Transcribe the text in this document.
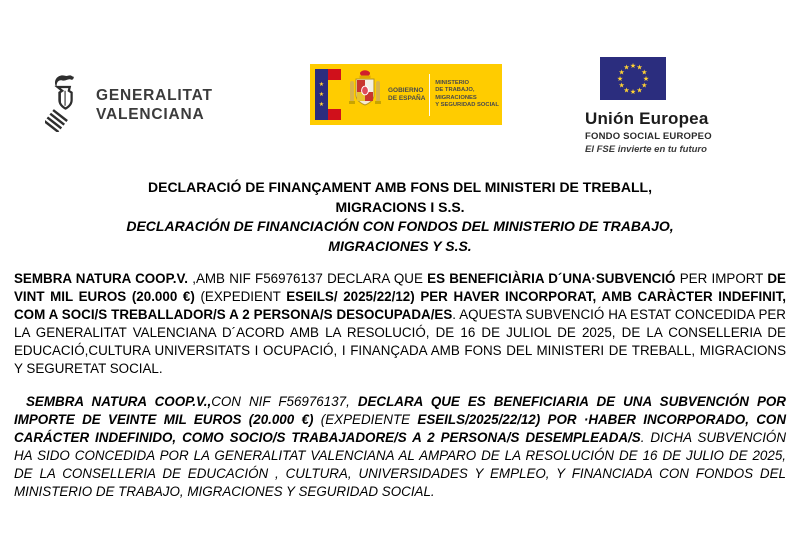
GENERALITAT
VALENCIANA
★
★
★
GOBIERNO
DE ESPAÑA
MINISTERIO
DE TRABAJO, MIGRACIONES
Y SEGURIDAD SOCIAL
★ ★
★
★
★
★
★
★
★
★
★
★
Unión Europea
FONDO SOCIAL EUROPEO
El FSE invierte en tu futuro
DECLARACIÓ DE FINANÇAMENT AMB FONS DEL MINISTERI DE TREBALL,
MIGRACIONS I S.S.
DECLARACIÓN DE FINANCIACIÓN CON FONDOS DEL MINISTERIO DE TRABAJO,
MIGRACIONES Y S.S.

SEMBRA NATURA COOP.V. ,AMB NIF F56976137 DECLARA QUE ES BENEFICIÀRIA D´UNA·SUBVENCIÓ PER IMPORT DE VINT MIL EUROS (20.000 €) (EXPEDIENT ESEILS/ 2025/22/12) PER HAVER INCORPORAT, AMB CARÀCTER INDEFINIT, COM A SOCI/S TREBALLADOR/S A 2 PERSONA/S DESOCUPADA/ES. AQUESTA SUBVENCIÓ HA ESTAT CONCEDIDA PER LA GENERALITAT VALENCIANA D´ACORD AMB LA RESOLUCIÓ, DE 16 DE JULIOL DE 2025, DE LA CONSELLERIA DE EDUCACIÓ,CULTURA UNIVERSITATS I OCUPACIÓ, I FINANÇADA AMB FONS DEL MINISTERI DE TREBALL, MIGRACIONS Y SEGURETAT SOCIAL.

SEMBRA NATURA COOP.V.,CON NIF F56976137, DECLARA QUE ES BENEFICIARIA DE UNA SUBVENCIÓN POR IMPORTE DE VEINTE MIL EUROS (20.000 €) (EXPEDIENTE ESEILS/2025/22/12) POR ·HABER INCORPORADO, CON CARÁCTER INDEFINIDO, COMO SOCIO/S TRABAJADORE/S A 2 PERSONA/S DESEMPLEADA/S. DICHA SUBVENCIÓN HA SIDO CONCEDIDA POR LA GENERALITAT VALENCIANA AL AMPARO DE LA RESOLUCIÓN DE 16 DE JULIO DE 2025, DE LA CONSELLERIA DE EDUCACIÓN , CULTURA, UNIVERSIDADES Y EMPLEO, Y FINANCIADA CON FONDOS DEL MINISTERIO DE TRABAJO, MIGRACIONES Y SEGURIDAD SOCIAL.
